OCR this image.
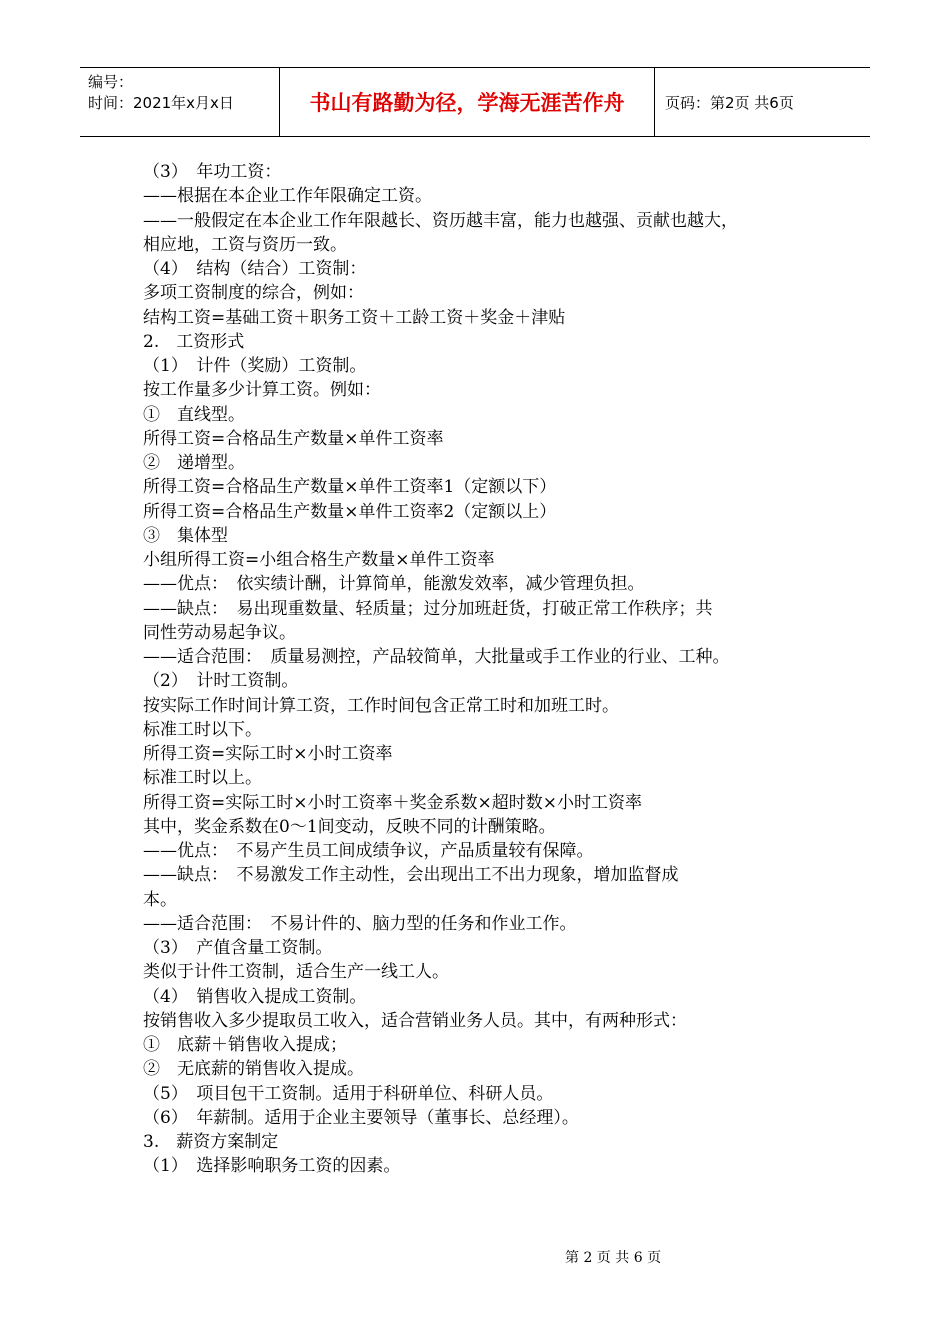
编号：
时间：2021年x月x日	书山有路勤为径，学海无涯苦作舟	页码：第2页 共6页
（3）　年功工资：
——根据在本企业工作年限确定工资。
——一般假定在本企业工作年限越长、资历越丰富，能力也越强、贡献也越大，
相应地，工资与资历一致。
（4）　结构（结合）工资制：
多项工资制度的综合，例如：
结构工资=基础工资＋职务工资＋工龄工资＋奖金＋津贴
2.　工资形式
（1）　计件（奖励）工资制。
按工作量多少计算工资。例如：
①　直线型。
所得工资=合格品生产数量×单件工资率
②　递增型。
所得工资=合格品生产数量×单件工资率1（定额以下）
所得工资=合格品生产数量×单件工资率2（定额以上）
③　集体型
小组所得工资=小组合格生产数量×单件工资率
——优点：　依实绩计酬，计算简单，能激发效率，减少管理负担。
——缺点：　易出现重数量、轻质量；过分加班赶货，打破正常工作秩序；共
同性劳动易起争议。
——适合范围：　质量易测控，产品较简单，大批量或手工作业的行业、工种。
（2）　计时工资制。
按实际工作时间计算工资，工作时间包含正常工时和加班工时。
标准工时以下。
所得工资=实际工时×小时工资率
标准工时以上。
所得工资=实际工时×小时工资率＋奖金系数×超时数×小时工资率
其中，奖金系数在0～1间变动，反映不同的计酬策略。
——优点：　不易产生员工间成绩争议，产品质量较有保障。
——缺点：　不易激发工作主动性，会出现出工不出力现象，增加监督成
本。
——适合范围：　不易计件的、脑力型的任务和作业工作。
（3）　产值含量工资制。
类似于计件工资制，适合生产一线工人。
（4）　销售收入提成工资制。
按销售收入多少提取员工收入，适合营销业务人员。其中，有两种形式：
①　底薪＋销售收入提成；
②　无底薪的销售收入提成。
（5）　项目包干工资制。适用于科研单位、科研人员。
（6）　年薪制。适用于企业主要领导（董事长、总经理）。
3.　薪资方案制定
（1）　选择影响职务工资的因素。
第 2 页 共 6 页
